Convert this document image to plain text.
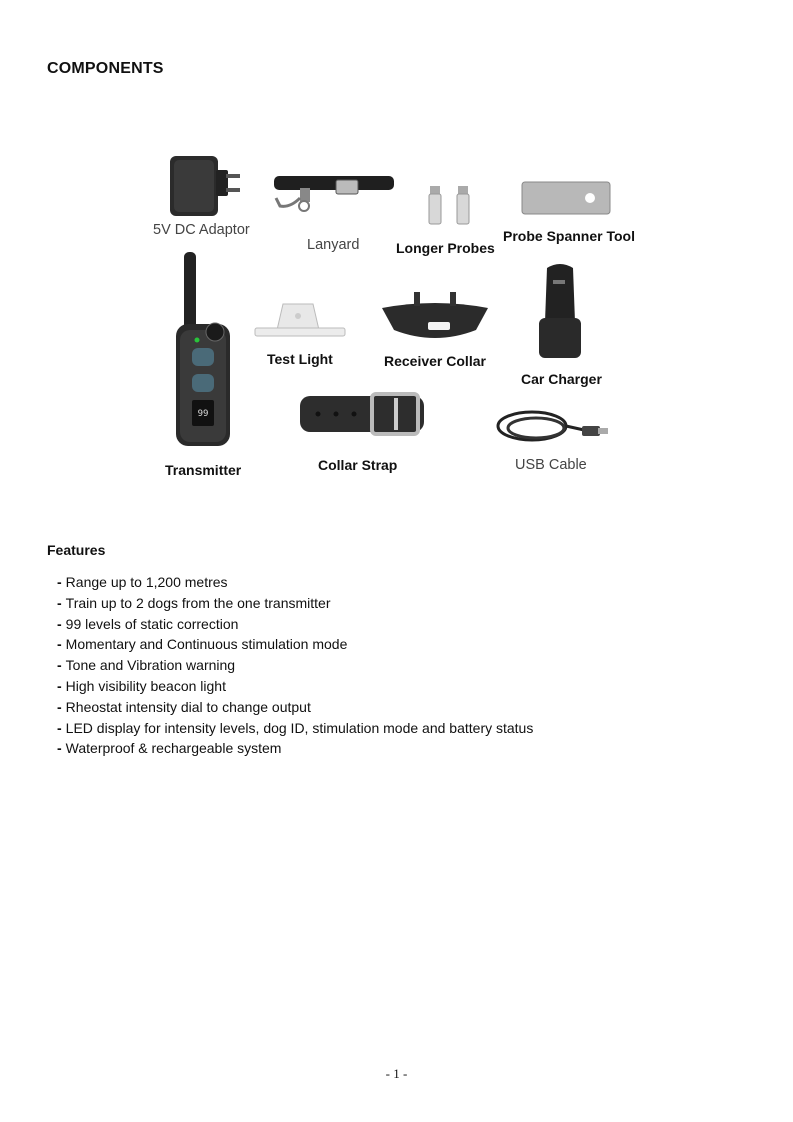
COMPONENTS
5V DC Adaptor
Lanyard	Longer Probes
Probe Spanner Tool
99
Transmitter
Test Light	Receiver Collar
Car Charger
Collar Strap	USB Cable
Features
- Range up to 1,200 metres
- Train up to 2 dogs from the one transmitter
- 99 levels of static correction
- Momentary and Continuous stimulation mode
- Tone and Vibration warning
- High visibility beacon light
- Rheostat intensity dial to change output
- LED display for intensity levels, dog ID, stimulation mode and battery status
- Waterproof & rechargeable system
- 1 -
